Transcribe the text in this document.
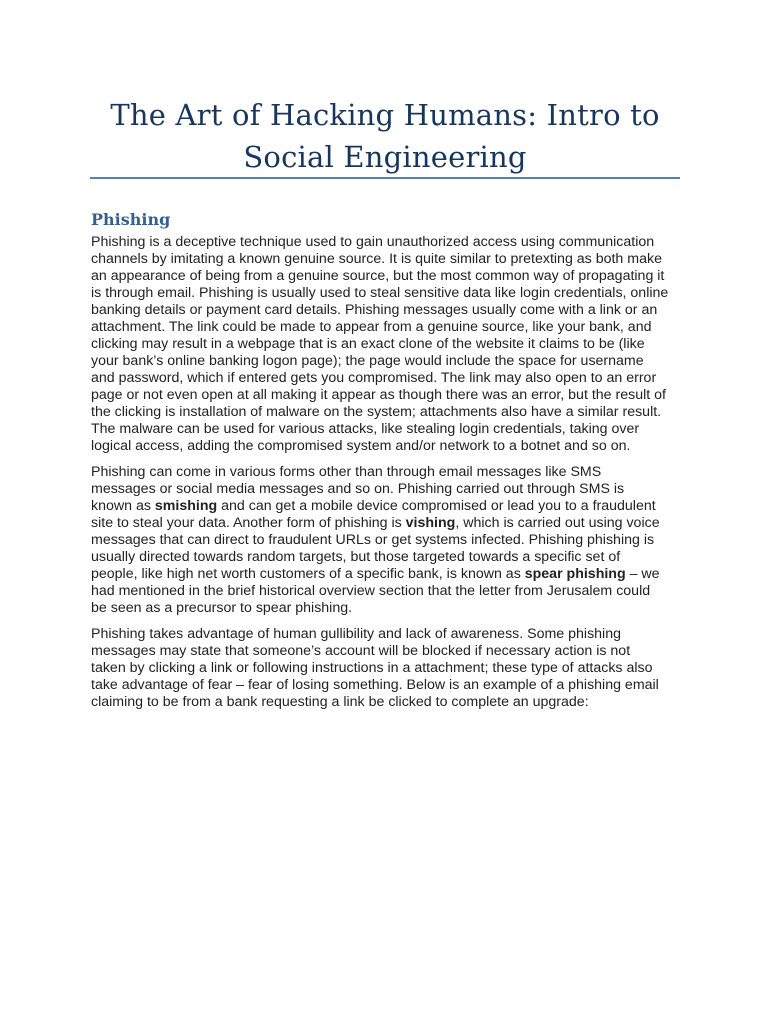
The Art of Hacking Humans: Intro to
Social Engineering
Phishing

Phishing is a deceptive technique used to gain unauthorized access using communication
channels by imitating a known genuine source. It is quite similar to pretexting as both make
an appearance of being from a genuine source, but the most common way of propagating it
is through email. Phishing is usually used to steal sensitive data like login credentials, online
banking details or payment card details. Phishing messages usually come with a link or an
attachment. The link could be made to appear from a genuine source, like your bank, and
clicking may result in a webpage that is an exact clone of the website it claims to be (like
your bank’s online banking logon page); the page would include the space for username
and password, which if entered gets you compromised. The link may also open to an error
page or not even open at all making it appear as though there was an error, but the result of
the clicking is installation of malware on the system; attachments also have a similar result.
The malware can be used for various attacks, like stealing login credentials, taking over
logical access, adding the compromised system and/or network to a botnet and so on.

Phishing can come in various forms other than through email messages like SMS
messages or social media messages and so on. Phishing carried out through SMS is
known as smishing and can get a mobile device compromised or lead you to a fraudulent
site to steal your data. Another form of phishing is vishing, which is carried out using voice
messages that can direct to fraudulent URLs or get systems infected. Phishing phishing is
usually directed towards random targets, but those targeted towards a specific set of
people, like high net worth customers of a specific bank, is known as spear phishing – we
had mentioned in the brief historical overview section that the letter from Jerusalem could
be seen as a precursor to spear phishing.

Phishing takes advantage of human gullibility and lack of awareness. Some phishing
messages may state that someone’s account will be blocked if necessary action is not
taken by clicking a link or following instructions in a attachment; these type of attacks also
take advantage of fear – fear of losing something. Below is an example of a phishing email
claiming to be from a bank requesting a link be clicked to complete an upgrade:
